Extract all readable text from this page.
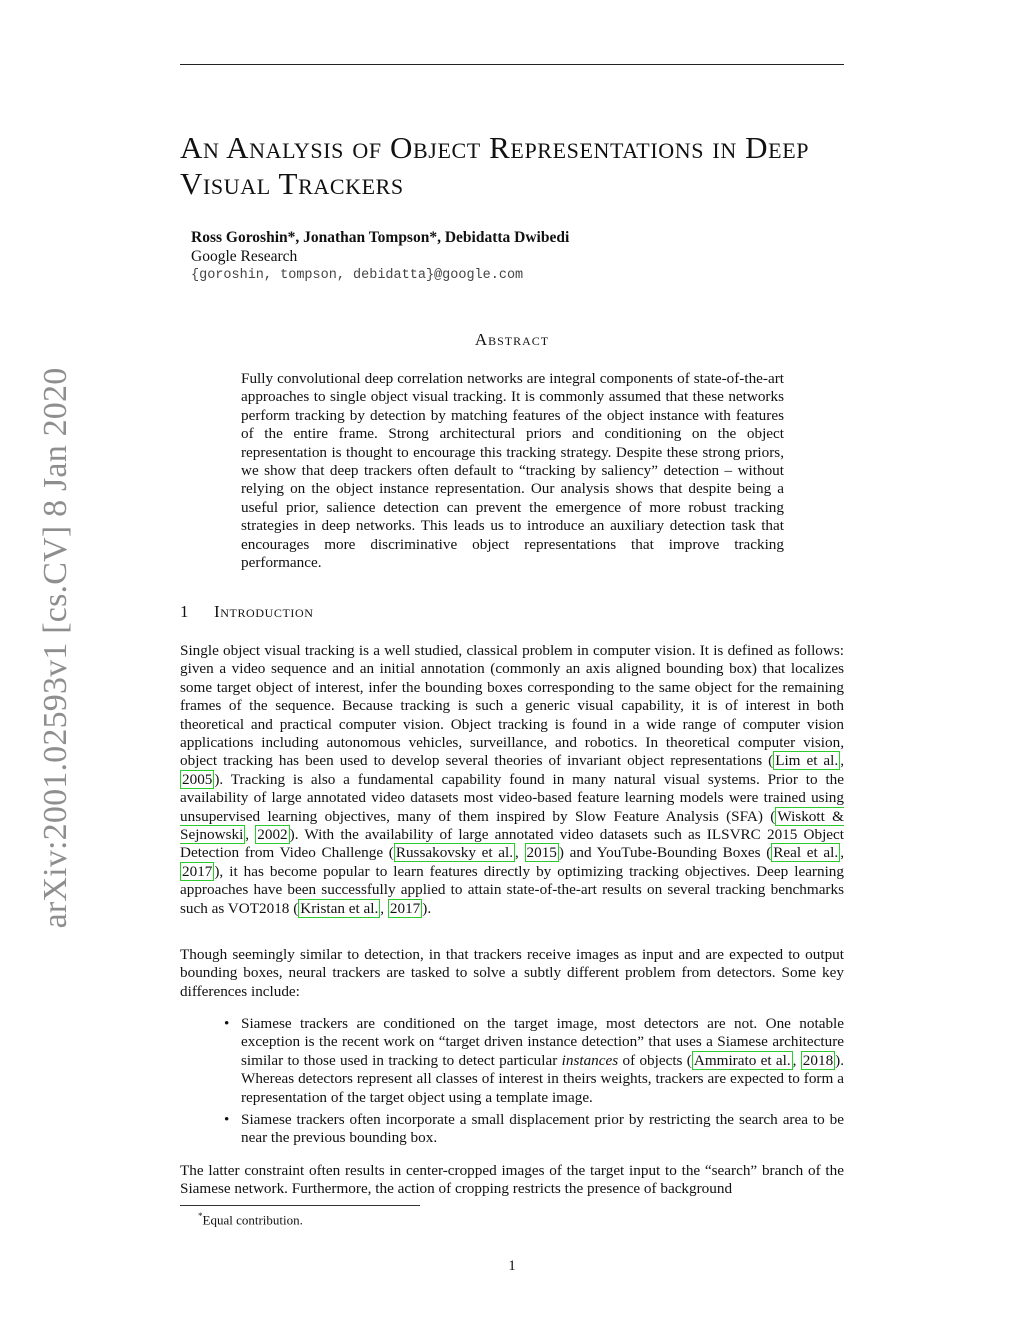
arXiv:2001.02593v1 [cs.CV] 8 Jan 2020
An Analysis of Object Representations in Deep Visual Trackers
Ross Goroshin*, Jonathan Tompson*, Debidatta Dwibedi
Google Research
{goroshin, tompson, debidatta}@google.com
Abstract
Fully convolutional deep correlation networks are integral components of state-of-the-art approaches to single object visual tracking. It is commonly assumed that these networks perform tracking by detection by matching features of the object instance with features of the entire frame. Strong architectural priors and conditioning on the object representation is thought to encourage this tracking strategy. Despite these strong priors, we show that deep trackers often default to “tracking by saliency” detection – without relying on the object instance representation. Our analysis shows that despite being a useful prior, salience detection can prevent the emergence of more robust tracking strategies in deep networks. This leads us to introduce an auxiliary detection task that encourages more discriminative object representations that improve tracking performance.
1 Introduction

Single object visual tracking is a well studied, classical problem in computer vision. It is defined as follows: given a video sequence and an initial annotation (commonly an axis aligned bounding box) that localizes some target object of interest, infer the bounding boxes corresponding to the same object for the remaining frames of the sequence. Because tracking is such a generic visual capability, it is of interest in both theoretical and practical computer vision. Object tracking is found in a wide range of computer vision applications including autonomous vehicles, surveillance, and robotics. In theoretical computer vision, object tracking has been used to develop several theories of invariant object representations ( Lim et al. , 2005 ). Tracking is also a fundamental capability found in many natural visual systems. Prior to the availability of large annotated video datasets most video-based feature learning models were trained using unsupervised learning objectives, many of them inspired by Slow Feature Analysis (SFA) ( Wiskott & Sejnowski , 2002 ). With the availability of large annotated video datasets such as ILSVRC 2015 Object Detection from Video Challenge ( Russakovsky et al. , 2015 ) and YouTube-Bounding Boxes ( Real et al. , 2017 ), it has become popular to learn features directly by optimizing tracking objectives. Deep learning approaches have been successfully applied to attain state-of-the-art results on several tracking benchmarks such as VOT2018 ( Kristan et al. , 2017 ).

Though seemingly similar to detection, in that trackers receive images as input and are expected to output bounding boxes, neural trackers are tasked to solve a subtly different problem from detectors. Some key differences include:

• Siamese trackers are conditioned on the target image, most detectors are not. One notable exception is the recent work on “target driven instance detection” that uses a Siamese architecture similar to those used in tracking to detect particular instances of objects ( Ammirato et al. , 2018 ). Whereas detectors represent all classes of interest in theirs weights, trackers are expected to form a representation of the target object using a template image.
• Siamese trackers often incorporate a small displacement prior by restricting the search area to be near the previous bounding box.

The latter constraint often results in center-cropped images of the target input to the “search” branch of the Siamese network. Furthermore, the action of cropping restricts the presence of background

*Equal contribution.
1
